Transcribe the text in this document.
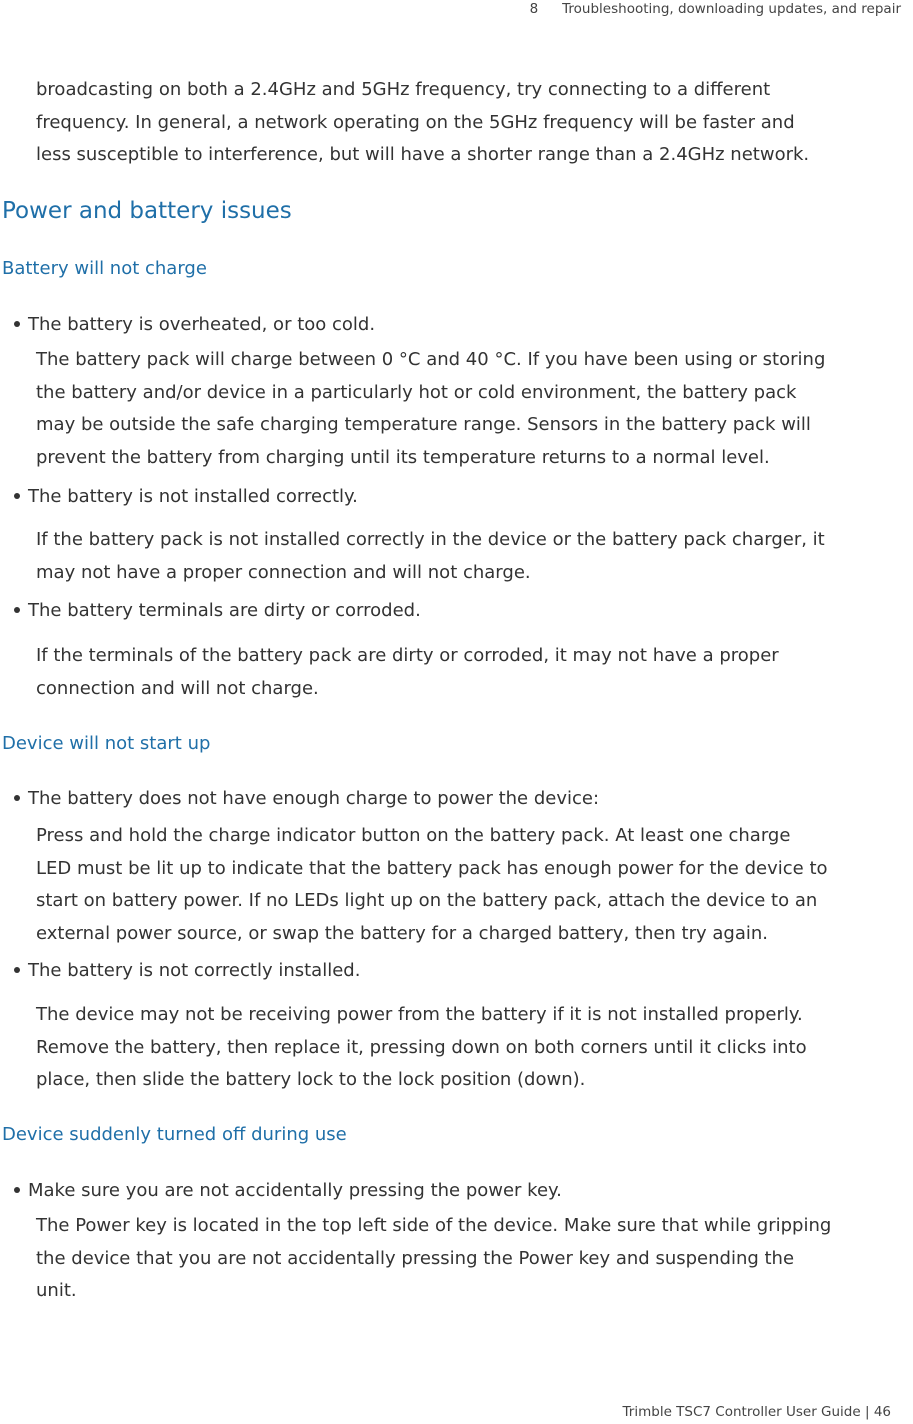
8 Troubleshooting, downloading updates, and repair
broadcasting on both a 2.4GHz and 5GHz frequency, try connecting to a different
frequency. In general, a network operating on the 5GHz frequency will be faster and
less susceptible to interference, but will have a shorter range than a 2.4GHz network.
Power and battery issues
Battery will not charge
The battery is overheated, or too cold.
The battery pack will charge between 0 °C and 40 °C. If you have been using or storing
the battery and/or device in a particularly hot or cold environment, the battery pack
may be outside the safe charging temperature range. Sensors in the battery pack will
prevent the battery from charging until its temperature returns to a normal level.
The battery is not installed correctly.
If the battery pack is not installed correctly in the device or the battery pack charger, it
may not have a proper connection and will not charge.
The battery terminals are dirty or corroded.
If the terminals of the battery pack are dirty or corroded, it may not have a proper
connection and will not charge.
Device will not start up
The battery does not have enough charge to power the device:
Press and hold the charge indicator button on the battery pack. At least one charge
LED must be lit up to indicate that the battery pack has enough power for the device to
start on battery power. If no LEDs light up on the battery pack, attach the device to an
external power source, or swap the battery for a charged battery, then try again.
The battery is not correctly installed.
The device may not be receiving power from the battery if it is not installed properly.
Remove the battery, then replace it, pressing down on both corners until it clicks into
place, then slide the battery lock to the lock position (down).
Device suddenly turned off during use
Make sure you are not accidentally pressing the power key.
The Power key is located in the top left side of the device. Make sure that while gripping
the device that you are not accidentally pressing the Power key and suspending the
unit.
Trimble TSC7 Controller User Guide | 46
